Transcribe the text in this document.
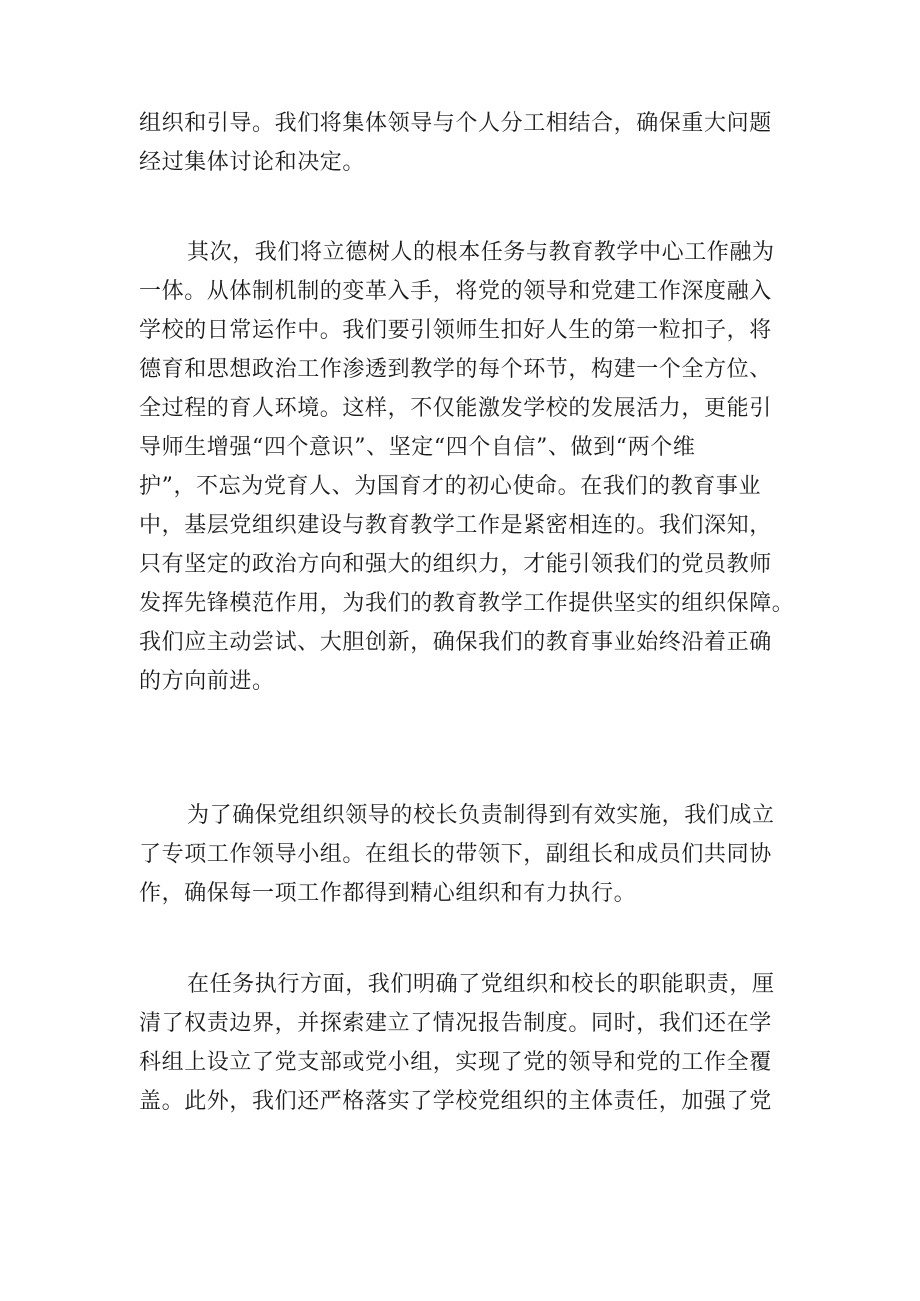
组织和引导。我们将集体领导与个人分工相结合，确保重大问题
经过集体讨论和决定。
其次，我们将立德树人的根本任务与教育教学中心工作融为
一体。从体制机制的变革入手，将党的领导和党建工作深度融入
学校的日常运作中。我们要引领师生扣好人生的第一粒扣子，将
德育和思想政治工作渗透到教学的每个环节，构建一个全方位、
全过程的育人环境。这样，不仅能激发学校的发展活力，更能引
导师生增强“四个意识”、坚定“四个自信”、做到“两个维
护”，不忘为党育人、为国育才的初心使命。在我们的教育事业
中，基层党组织建设与教育教学工作是紧密相连的。我们深知，
只有坚定的政治方向和强大的组织力，才能引领我们的党员教师
发挥先锋模范作用，为我们的教育教学工作提供坚实的组织保障。
我们应主动尝试、大胆创新，确保我们的教育事业始终沿着正确
的方向前进。
为了确保党组织领导的校长负责制得到有效实施，我们成立
了专项工作领导小组。在组长的带领下，副组长和成员们共同协
作，确保每一项工作都得到精心组织和有力执行。
在任务执行方面，我们明确了党组织和校长的职能职责，厘
清了权责边界，并探索建立了情况报告制度。同时，我们还在学
科组上设立了党支部或党小组，实现了党的领导和党的工作全覆
盖。此外，我们还严格落实了学校党组织的主体责任，加强了党
